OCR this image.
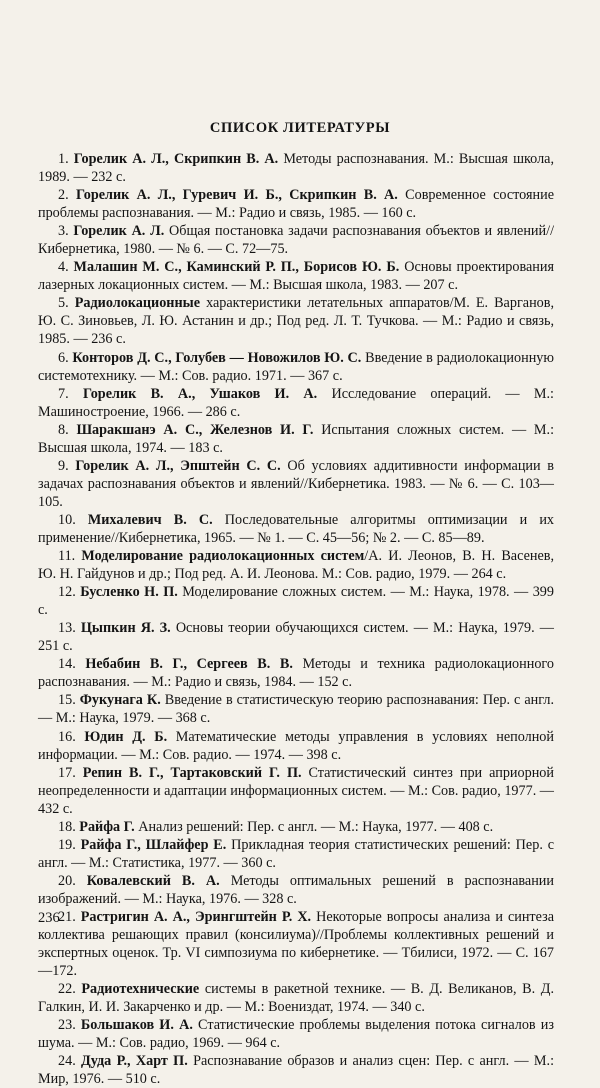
СПИСОК ЛИТЕРАТУРЫ

1. Горелик А. Л., Скрипкин В. А. Методы распознавания. М.: Высшая школа, 1989. — 232 с.

2. Горелик А. Л., Гуревич И. Б., Скрипкин В. А. Современное состояние проблемы распознавания. — М.: Радио и связь, 1985. — 160 с.

3. Горелик А. Л. Общая постановка задачи распознавания объектов и явлений//Кибернетика, 1980. — № 6. — С. 72—75.

4. Малашин М. С., Каминский Р. П., Борисов Ю. Б. Основы проектирования лазерных локационных систем. — М.: Высшая школа, 1983. — 207 с.

5. Радиолокационные характеристики летательных аппаратов/М. Е. Варганов, Ю. С. Зиновьев, Л. Ю. Астанин и др.; Под ред. Л. Т. Тучкова. — М.: Радио и связь, 1985. — 236 с.

6. Конторов Д. С., Голубев — Новожилов Ю. С. Введение в радиолокационную системотехнику. — М.: Сов. радио. 1971. — 367 с.

7. Горелик В. А., Ушаков И. А. Исследование операций. — М.: Машиностроение, 1966. — 286 с.

8. Шаракшанэ А. С., Железнов И. Г. Испытания сложных систем. — М.: Высшая школа, 1974. — 183 с.

9. Горелик А. Л., Эпштейн С. С. Об условиях аддитивности информации в задачах распознавания объектов и явлений//Кибернетика. 1983. — № 6. — С. 103—105.

10. Михалевич В. С. Последовательные алгоритмы оптимизации и их применение//Кибернетика, 1965. — № 1. — С. 45—56; № 2. — С. 85—89.

11. Моделирование радиолокационных систем/А. И. Леонов, В. Н. Васенев, Ю. Н. Гайдунов и др.; Под ред. А. И. Леонова. М.: Сов. радио, 1979. — 264 с.

12. Бусленко Н. П. Моделирование сложных систем. — М.: Наука, 1978. — 399 с.

13. Цыпкин Я. З. Основы теории обучающихся систем. — М.: Наука, 1979. — 251 с.

14. Небабин В. Г., Сергеев В. В. Методы и техника радиолокационного распознавания. — М.: Радио и связь, 1984. — 152 с.

15. Фукунага К. Введение в статистическую теорию распознавания: Пер. с англ. — М.: Наука, 1979. — 368 с.

16. Юдин Д. Б. Математические методы управления в условиях неполной информации. — М.: Сов. радио. — 1974. — 398 с.

17. Репин В. Г., Тартаковский Г. П. Статистический синтез при априорной неопределенности и адаптации информационных систем. — М.: Сов. радио, 1977. — 432 с.

18. Райфа Г. Анализ решений: Пер. с англ. — М.: Наука, 1977. — 408 с.

19. Райфа Г., Шлайфер Е. Прикладная теория статистических решений: Пер. с англ. — М.: Статистика, 1977. — 360 с.

20. Ковалевский В. А. Методы оптимальных решений в распознавании изображений. — М.: Наука, 1976. — 328 с.

21. Растригин А. А., Эрингштейн Р. Х. Некоторые вопросы анализа и синтеза коллектива решающих правил (консилиума)//Проблемы коллективных решений и экспертных оценок. Тр. VI симпозиума по кибернетике. — Тбилиси, 1972. — С. 167—172.

22. Радиотехнические системы в ракетной технике. — В. Д. Великанов, В. Д. Галкин, И. И. Закарченко и др. — М.: Воениздат, 1974. — 340 с.

23. Большаков И. А. Статистические проблемы выделения потока сигналов из шума. — М.: Сов. радио, 1969. — 964 с.

24. Дуда Р., Харт П. Распознавание образов и анализ сцен: Пер. с англ. — М.: Мир, 1976. — 510 с.

236
